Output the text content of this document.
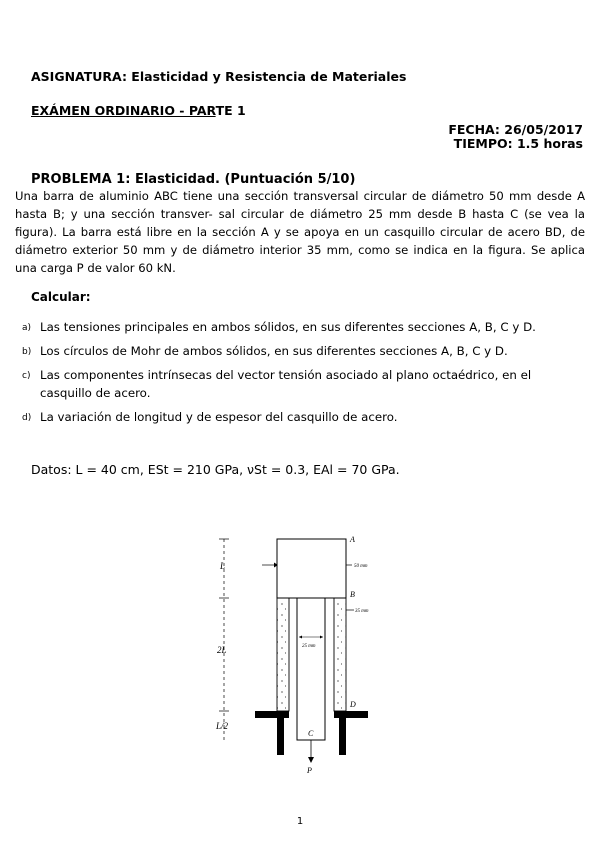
ASIGNATURA: Elasticidad y Resistencia de Materiales
EXÁMEN ORDINARIO - PARTE 1
FECHA: 26/05/2017
TIEMPO: 1.5 horas
PROBLEMA 1: Elasticidad. (Puntuación 5/10)
Una barra de aluminio ABC tiene una sección transversal circular de diámetro 50 mm desde A hasta B; y una sección transver- sal circular de diámetro 25 mm desde B hasta C (se vea la figura). La barra está libre en la sección A y se apoya en un casquillo circular de acero BD, de diámetro exterior 50 mm y de diámetro interior 35 mm, como se indica en la figura. Se aplica una carga P de valor 60 kN.
Calcular:
a) Las tensiones principales en ambos sólidos, en sus diferentes secciones A, B, C y D.
b) Los círculos de Mohr de ambos sólidos, en sus diferentes secciones A, B, C y D.
c) Las componentes intrínsecas del vector tensión asociado al plano octaédrico, en el casquillo de acero.
d) La variación de longitud y de espesor del casquillo de acero.
Datos: L = 40 cm, ESt = 210 GPa, νSt = 0.3, EAl = 70 GPa.
L
2L
L/2
A
50 mm
B
35 mm
25 mm
D
C
P
1
